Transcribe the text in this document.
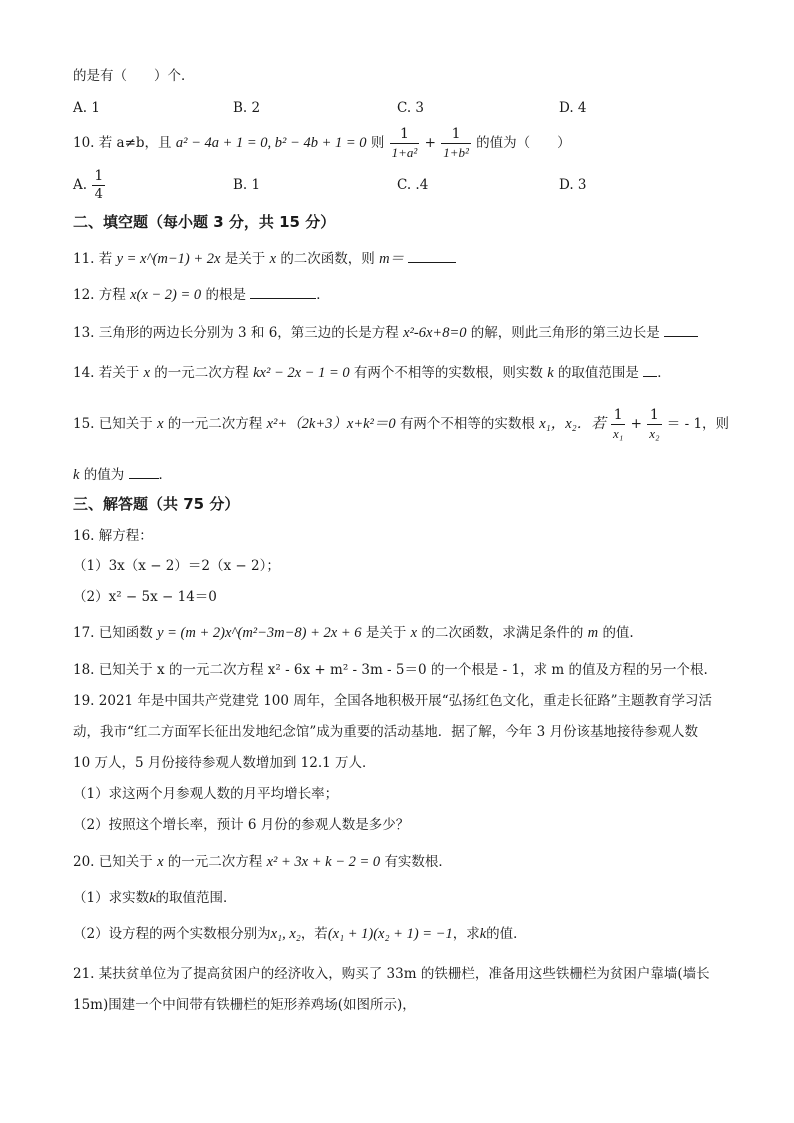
的是有（　　）个．
A. 1	B. 2	C. 3	D. 4
10. 若 a≠b，且 a² − 4a + 1 = 0, b² − 4b + 1 = 0 则 $\frac{1}{\text{1+a²}} + \frac{1}{\text{1+b²}}$ 的值为（　　）
A. $\frac{1}{4}$	B. 1	C. .4	D. 3
二、填空题（每小题 3 分，共 15 分）
11. 若 y = x^(m−1) + 2x 是关于 x 的二次函数，则 m＝
12. 方程 x(x − 2) = 0 的根是	．
13. 三角形的两边长分别为 3 和 6，第三边的长是方程 x²-6x+8=0 的解，则此三角形的第三边长是
14. 若关于 x 的一元二次方程 kx² − 2x − 1 = 0 有两个不相等的实数根，则实数 k 的取值范围是 ．
15. 已知关于 x 的一元二次方程 x²+（2k+3）x+k²＝0 有两个不相等的实数根 x₁，x₂．若 $\frac{1}{\text{x₁}} + \frac{1}{\text{x₂}}$ ＝ - 1，则
k 的值为	．
三、解答题（共 75 分）
16. 解方程：
（1）3x（x − 2）＝2（x − 2）；
（2）x² − 5x − 14＝0
17. 已知函数 y = (m + 2)x^(m²−3m−8) + 2x + 6 是关于 x 的二次函数，求满足条件的 m 的值.
18. 已知关于 x 的一元二次方程 x² - 6x + m² - 3m - 5＝0 的一个根是 - 1，求 m 的值及方程的另一个根.
19. 2021 年是中国共产党建党 100 周年，全国各地积极开展“弘扬红色文化，重走长征路”主题教育学习活
动，我市“红二方面军长征出发地纪念馆”成为重要的活动基地．据了解，今年 3 月份该基地接待参观人数
10 万人，5 月份接待参观人数增加到 12.1 万人．
（1）求这两个月参观人数的月平均增长率；
（2）按照这个增长率，预计 6 月份的参观人数是多少？
20. 已知关于 x 的一元二次方程 x² + 3x + k − 2 = 0 有实数根．
（1）求实数k的取值范围．
（2）设方程的两个实数根分别为x₁, x₂，若(x₁ + 1)(x₂ + 1) = −1，求k的值．
21. 某扶贫单位为了提高贫困户的经济收入，购买了 33m 的铁栅栏，准备用这些铁栅栏为贫困户靠墙(墙长
15m)围建一个中间带有铁栅栏的矩形养鸡场(如图所示)，
